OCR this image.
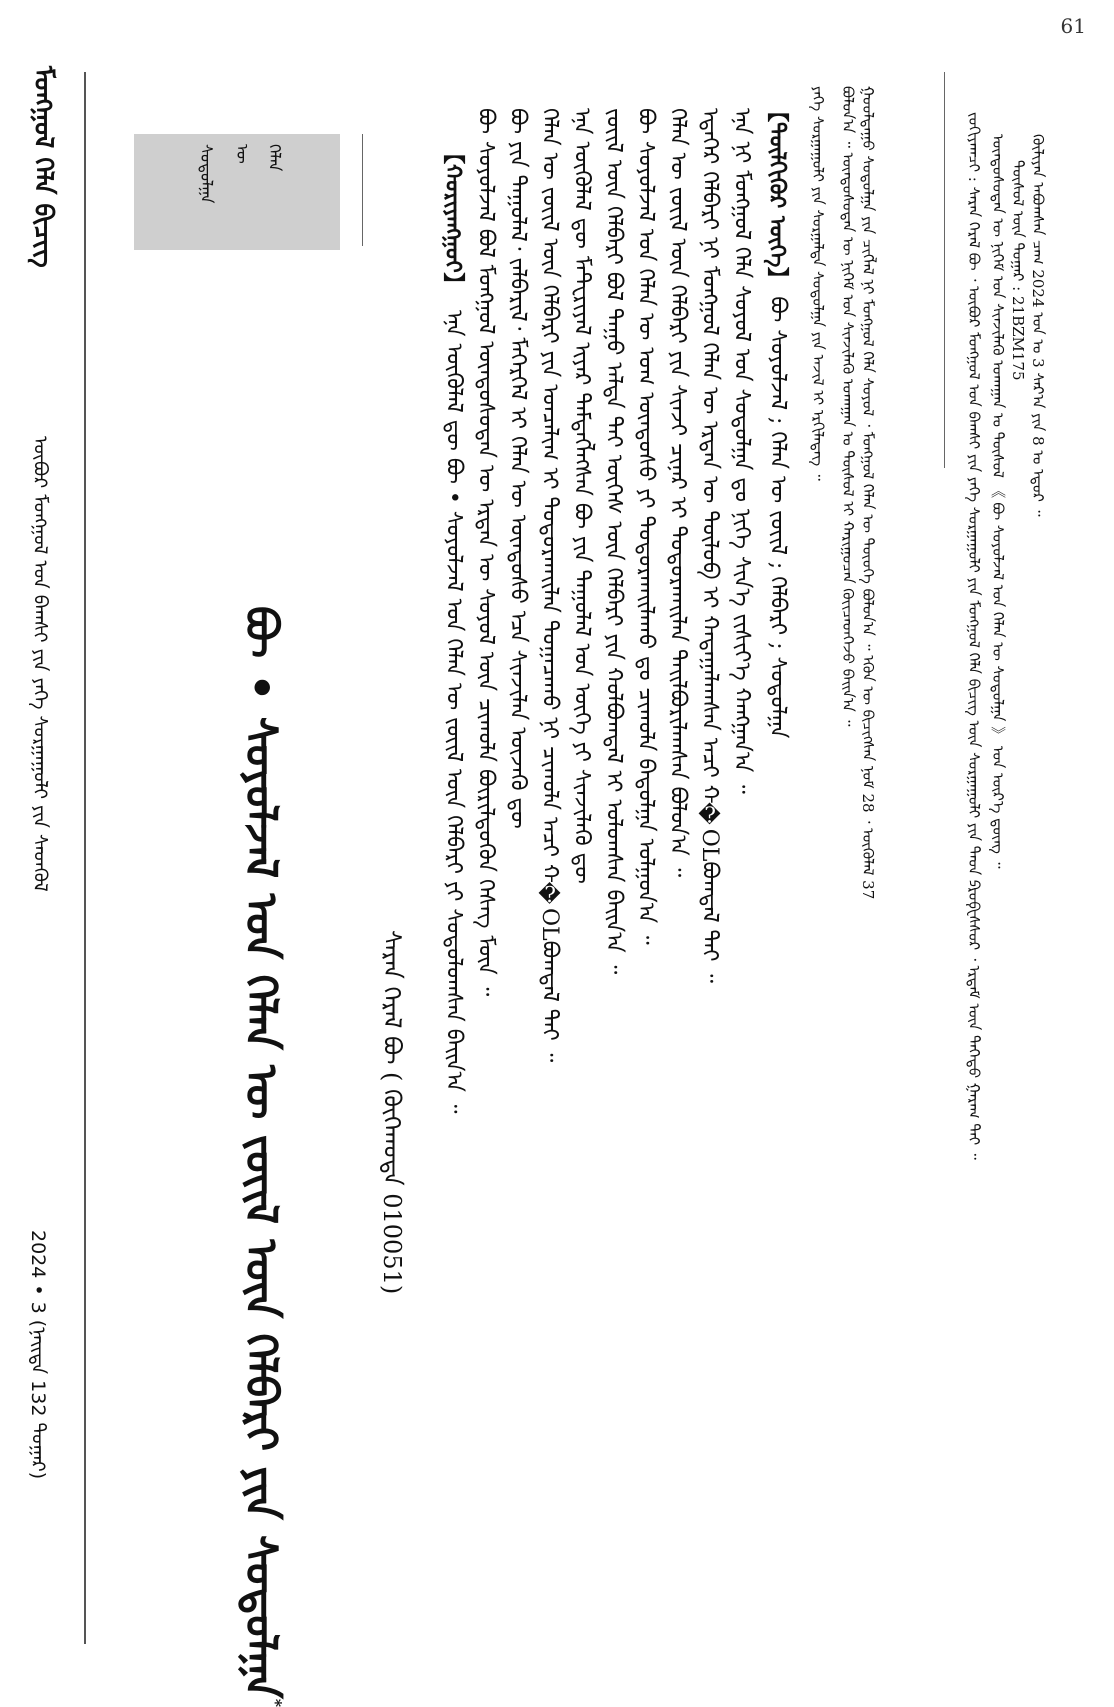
61
ᠮᠣᠩᠭᠣᠯ ᠬᠡᠯᠡ ᠪᠢᠴᠢᠭ
ᠥᠪᠥᠷ ᠮᠣᠩᠭᠣᠯ ᠤᠨ ᠪᠠᠭᠰᠢ ᠶᠢᠨ ᠶᠡᠬᠡ ᠰᠤᠷᠭᠠᠭᠤᠯᠢ ᠶᠢᠨ ᠰᠡᠳᠬᠦᠯ
2024 • 3 (ᠨᠡᠢᠲᠡ 132 ᠳᠤᠭᠠᠷ)
ᠬᠡᠯᠡᠨ
ᠦ
ᠰᠤᠳᠤᠯᠭᠠ
ᠪᠥ • ᠰᠣᠶᠤᠯᠵᠠᠯ ᠤᠨ ᠬᠡᠯᠡᠨ ᠦ ᠵᠦᠢᠯ ᠦᠨ ᠬᠡᠯᠪᠡᠷᠢ ᠶᠢᠨ ᠰᠤᠳᠤᠯᠭᠠ*
ᠰᠠᠷᠠᠨ ᠭᠡᠷᠡᠯ ᠪᠥ ( ᠬᠥᠬᠡᠬᠣᠲᠠ 010051)
【ᠬᠣᠷᠢᠶᠠᠩᠭᠤᠢ】
ᠡᠨᠡ ᠥᠭᠦᠯᠡᠯ ᠳᠦ ᠪᠥ • ᠰᠣᠶᠤᠯᠵᠠᠯ ᠤᠨ ᠬᠡᠯᠡᠨ ᠦ ᠵᠦᠢᠯ ᠦᠨ ᠬᠡᠯᠪᠡᠷᠢ ᠶᠢ ᠰᠤᠳᠤᠯᠤᠭᠰᠠᠨ ᠪᠠᠢᠨ᠎ᠠ ᠃ ᠪᠥ ᠰᠣᠶᠤᠯᠵᠠᠯ ᠪᠣᠯ ᠮᠣᠩᠭᠣᠯ ᠦᠨᠳᠦᠰᠦᠲᠡᠨ ᠦ ᠡᠷᠲᠡᠨ ᠦ ᠰᠣᠶᠤᠯ ᠦᠨ ᠴᠢᠬᠤᠯᠠ ᠪᠦᠷᠢᠯᠳᠦᠬᠦᠨ ᠬᠡᠰᠡᠭ ᠮᠥᠨ ᠃ ᠪᠥ ᠶᠢᠨ ᠳᠠᠭᠤᠯᠠᠯ᠂ ᠵᠠᠯᠪᠠᠷᠢᠯ᠂ ᠮᠡᠭᠡᠷᠭᠡᠯ ᠢ ᠬᠡᠯᠡᠨ ᠦ ᠦᠨᠳᠦᠰᠦ ᠡᠴᠡ ᠰᠢᠨᠵᠢᠯᠡᠨ ᠦᠵᠡᠬᠦ ᠳᠦ ᠬᠡᠯᠡᠨ ᠦ ᠵᠦᠢᠯ ᠦᠨ ᠬᠡᠯᠪᠡᠷᠢ ᠶᠢᠨ ᠣᠨᠴᠠᠯᠢᠭ ᠢ ᠲᠣᠳᠤᠷᠬᠠᠢᠯᠠᠨ ᠲᠣᠭᠠᠴᠠᠬᠤ ᠨᠢ ᠴᠢᠬᠤᠯᠠ ᠠᠴᠢ ᠬ�OLᠪᠣᠭᠳᠠᠯ ᠲᠠᠢ ᠃ ᠡᠨᠡ ᠥᠭᠦᠯᠡᠯ ᠳᠦ ᠮᠠᠲ᠋ᠧᠷᠢᠶᠠᠯ ᠢᠶᠡᠷ ᠲᠡᠮᠳᠡᠭᠯᠡᠭᠰᠡᠨ ᠪᠥ ᠶᠢᠨ ᠳᠠᠭᠤᠯᠠᠯ ᠤᠨ ᠦᠭᠡ ᠶᠢ ᠰᠢᠨᠵᠢᠯᠡᠬᠦ ᠳᠦ ᠵᠦᠢᠯ ᠦᠨ ᠬᠡᠯᠪᠡᠷᠢ ᠪᠣᠯ ᠳᠠᠭᠤ ᠠᠯᠳᠠ ᠲᠠᠢ ᠦᠭᠡᠰ ᠦᠨ ᠬᠡᠯᠪᠡᠷᠢ ᠶᠢᠨ ᠬᠣᠯᠪᠣᠭᠳᠠᠯ ᠢ ᠣᠯᠤᠭᠰᠠᠨ ᠪᠠᠢᠨ᠎ᠠ ᠃ ᠪᠥ ᠰᠣᠶᠤᠯᠵᠠᠯ ᠤᠨ ᠬᠡᠯᠡᠨ ᠦ ᠤᠭ ᠦᠨᠳᠦᠰᠦ ᠶᠢ ᠲᠣᠳᠤᠷᠬᠠᠢᠯᠠᠬᠤ ᠳᠤ ᠴᠢᠬᠤᠯᠠ ᠪᠠᠲᠤᠯᠭᠠ ᠣᠯᠭᠣᠨ᠎ᠠ ᠃ ᠬᠡᠯᠡᠨ ᠦ ᠵᠦᠢᠯ ᠦᠨ ᠬᠡᠯᠪᠡᠷᠢ ᠶᠢᠨ ᠰᠢᠨᠵᠢ ᠴᠢᠨᠠᠷ ᠢ ᠲᠣᠳᠤᠷᠬᠠᠢᠯᠠᠨ ᠲᠠᠢᠯᠪᠤᠷᠢᠯᠠᠭᠰᠠᠨ ᠪᠣᠯᠤᠨ᠎ᠠ ᠃ ᠡᠳᠡᠭᠡᠷ ᠬᠡᠯᠪᠡᠷᠢ ᠨᠢ ᠮᠣᠩᠭᠣᠯ ᠬᠡᠯᠡᠨ ᠦ ᠡᠷᠲᠡᠨ ᠦ ᠲᠥᠯᠥᠪ ᠢ ᠬᠠᠳᠠᠭᠠᠯᠠᠭᠰᠠᠨ ᠠᠴᠢ ᠬ�OLᠪᠣᠭᠳᠠᠯ ᠲᠠᠢ ᠃ ᠡᠨᠡ ᠨᠢ ᠮᠣᠩᠭᠣᠯ ᠬᠡᠯᠡ ᠰᠣᠶᠤᠯ ᠤᠨ ᠰᠤᠳᠤᠯᠭᠠ ᠳᠤ ᠨᠢᠭᠡ ᠰᠢᠨ᠎ᠡ ᠵᠢᠱᠢᠶ᠎ᠡ ᠬᠠᠩᠭᠠᠨ᠎ᠠ ᠃ 【ᠲᠦᠯᠬᠢᠭᠦᠷ ᠦᠭᠡ】 ᠪᠥ ᠰᠣᠶᠤᠯᠵᠠᠯ ; ᠬᠡᠯᠡᠨ ᠦ ᠵᠦᠢᠯ ; ᠬᠡᠯᠪᠡᠷᠢ ; ᠰᠤᠳᠤᠯᠭᠠ	ᠬᠦᠯᠢᠶᠡᠨ ᠠᠪᠤᠭᠰᠠᠨ ᠴᠠᠭ 2024 ᠣᠨ ᠤ 3 ᠰᠠᠷ᠎ᠠ ᠶᠢᠨ 8 ᠤ ᠡᠳᠦᠷ ᠃
ᠲᠥᠰᠦᠯ ᠦᠨ ᠳᠤᠭᠠᠷ : 21BZM175
ᠦᠨᠳᠦᠰᠦᠲᠡᠨ ᠦ ᠨᠢᠭᠡᠮ ᠤᠨ ᠰᠢᠨᠵᠢᠯᠡᠬᠦ ᠤᠬᠠᠭᠠᠨ ᠤ ᠲᠥᠰᠦᠯ 《 ᠪᠥ ᠰᠣᠶᠤᠯᠵᠠᠯ ᠤᠨ ᠬᠡᠯᠡᠨ ᠦ ᠰᠤᠳᠤᠯᠭᠠ 》 ᠤᠨ ᠦᠷ᠎ᠡ ᠳ᠋ᠦᠩ ᠃
ᠵᠣᠬᠢᠶᠠᠭᠴᠢ : ᠰᠠᠷᠠᠨ ᠭᠡᠷᠡᠯ ᠪᠥ ᠂ ᠥᠪᠥᠷ ᠮᠣᠩᠭᠣᠯ ᠤᠨ ᠪᠠᠭᠰᠢ ᠶᠢᠨ ᠶᠡᠬᠡ ᠰᠤᠷᠭᠠᠭᠤᠯᠢ ᠶᠢᠨ ᠮᠣᠩᠭᠣᠯ ᠬᠡᠯᠡ ᠪᠢᠴᠢᠭ ᠦᠨ ᠰᠤᠷᠭᠠᠭᠤᠯᠢ ᠶᠢᠨ ᠳᠡᠳ ᠫᠷᠣᠹᠧᠰᠰᠣᠷ ᠂ ᠡᠷᠳᠡᠮ ᠦᠨ ᠳᠡᠭᠡᠳᠦ ᠭᠠᠷᠠᠭ ᠲᠠᠢ ᠃
ᠭᠣᠣᠯᠳᠠᠭᠤ ᠰᠤᠳᠤᠯᠭᠠ ᠶᠢᠨ ᠴᠢᠭᠯᠡᠯ ᠨᠢ ᠮᠣᠩᠭᠣᠯ ᠬᠡᠯᠡ ᠰᠣᠶᠤᠯ ᠂ ᠮᠣᠩᠭᠣᠯ ᠬᠡᠯᠡᠨ ᠦ ᠲᠦᠤᠬᠡ ᠪᠣᠯᠤᠨ᠎ᠠ ᠃ ᠡᠭᠦᠨ ᠦ ᠪᠢᠴᠢᠭᠰᠡᠨ ᠨᠣᠮ 28 ᠂ ᠥᠭᠦᠯᠡᠯ 37
ᠪᠣᠯᠤᠨ᠎ᠠ ᠃ ᠦᠨᠳᠦᠰᠦᠲᠡᠨ ᠦ ᠨᠢᠭᠡᠮ ᠤᠨ ᠰᠢᠨᠵᠢᠯᠡᠬᠦ ᠤᠬᠠᠭᠠᠨ ᠤ ᠲᠥᠰᠦᠯ ᠢ ᠬᠠᠷᠢᠭᠤᠴᠠᠨ ᠭᠦᠢᠴᠡᠳᠬᠡᠵᠦ ᠪᠠᠢᠨ᠎ᠠ ᠃
ᠶᠡᠬᠡ ᠰᠤᠷᠭᠠᠭᠤᠯᠢ ᠶᠢᠨ ᠰᠤᠷᠭᠠᠯᠳᠠ ᠰᠤᠳᠤᠯᠭᠠ ᠶᠢᠨ ᠠᠵᠢᠯ ᠢ ᠡᠷᠬᠢᠯᠡᠳᠡᠭ ᠃
